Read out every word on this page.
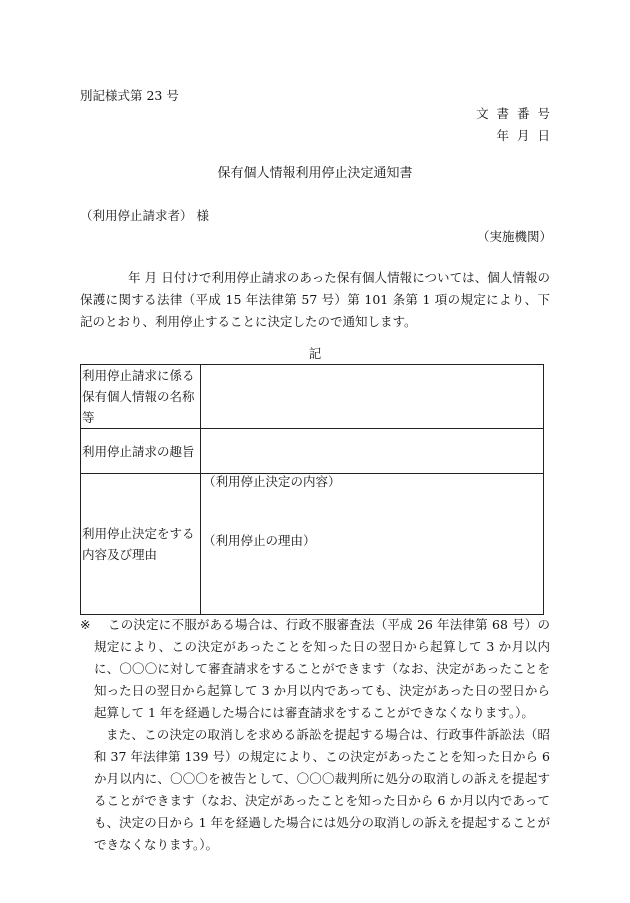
別記様式第 23 号
文 書 番 号
年 月 日
保有個人情報利用停止決定通知書
（利用停止請求者） 様
（実施機関）
年 月 日付けで利用停止請求のあった保有個人情報については、個人情報の保護に関する法律（平成 15 年法律第 57 号）第 101 条第 1 項の規定により、下記のとおり、利用停止することに決定したので通知します。
記
利用停止請求に係る保有個人情報の名称等	
利用停止請求の趣旨	
利用停止決定をする内容及び理由	（利用停止決定の内容）
（利用停止の理由）
※	この決定に不服がある場合は、行政不服審査法（平成 26 年法律第 68 号）の規定により、この決定があったことを知った日の翌日から起算して 3 か月以内に、〇〇〇に対して審査請求をすることができます（なお、決定があったことを知った日の翌日から起算して 3 か月以内であっても、決定があった日の翌日から起算して 1 年を経過した場合には審査請求をすることができなくなります。）。

また、この決定の取消しを求める訴訟を提起する場合は、行政事件訴訟法（昭和 37 年法律第 139 号）の規定により、この決定があったことを知った日から 6 か月以内に、〇〇〇を被告として、〇〇〇裁判所に処分の取消しの訴えを提起することができます（なお、決定があったことを知った日から 6 か月以内であっても、決定の日から 1 年を経過した場合には処分の取消しの訴えを提起することができなくなります。）。
